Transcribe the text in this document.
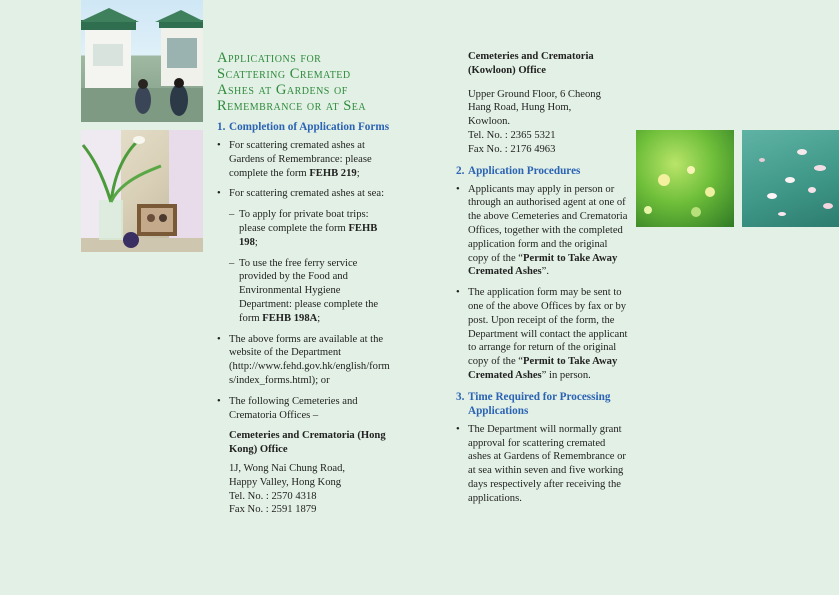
Applications for
Scattering Cremated
Ashes at Gardens of
Remembrance or at Sea
1. Completion of Application Forms
• For scattering cremated ashes at Gardens of Remembrance: please complete the form FEHB 219;
• For scattering cremated ashes at sea:
– To apply for private boat trips: please complete the form FEHB 198;
– To use the free ferry service provided by the Food and Environmental Hygiene Department: please complete the form FEHB 198A;
• The above forms are available at the website of the Department (http://www.fehd.gov.hk/english/forms/index_forms.html); or
• The following Cemeteries and Crematoria Offices –
Cemeteries and Crematoria (Hong Kong) Office
1J, Wong Nai Chung Road,
Happy Valley, Hong Kong
Tel. No. : 2570 4318
Fax No. : 2591 1879
Cemeteries and Crematoria (Kowloon) Office
Upper Ground Floor, 6 Cheong
Hang Road, Hung Hom,
Kowloon.
Tel. No. : 2365 5321
Fax No. : 2176 4963
2. Application Procedures
• Applicants may apply in person or through an authorised agent at one of the above Cemeteries and Crematoria Offices, together with the completed application form and the original copy of the “Permit to Take Away Cremated Ashes”.
• The application form may be sent to one of the above Offices by fax or by post. Upon receipt of the form, the Department will contact the applicant to arrange for return of the original copy of the “Permit to Take Away Cremated Ashes” in person.
3. Time Required for Processing Applications
• The Department will normally grant approval for scattering cremated ashes at Gardens of Remembrance or at sea within seven and five working days respectively after receiving the applications.
